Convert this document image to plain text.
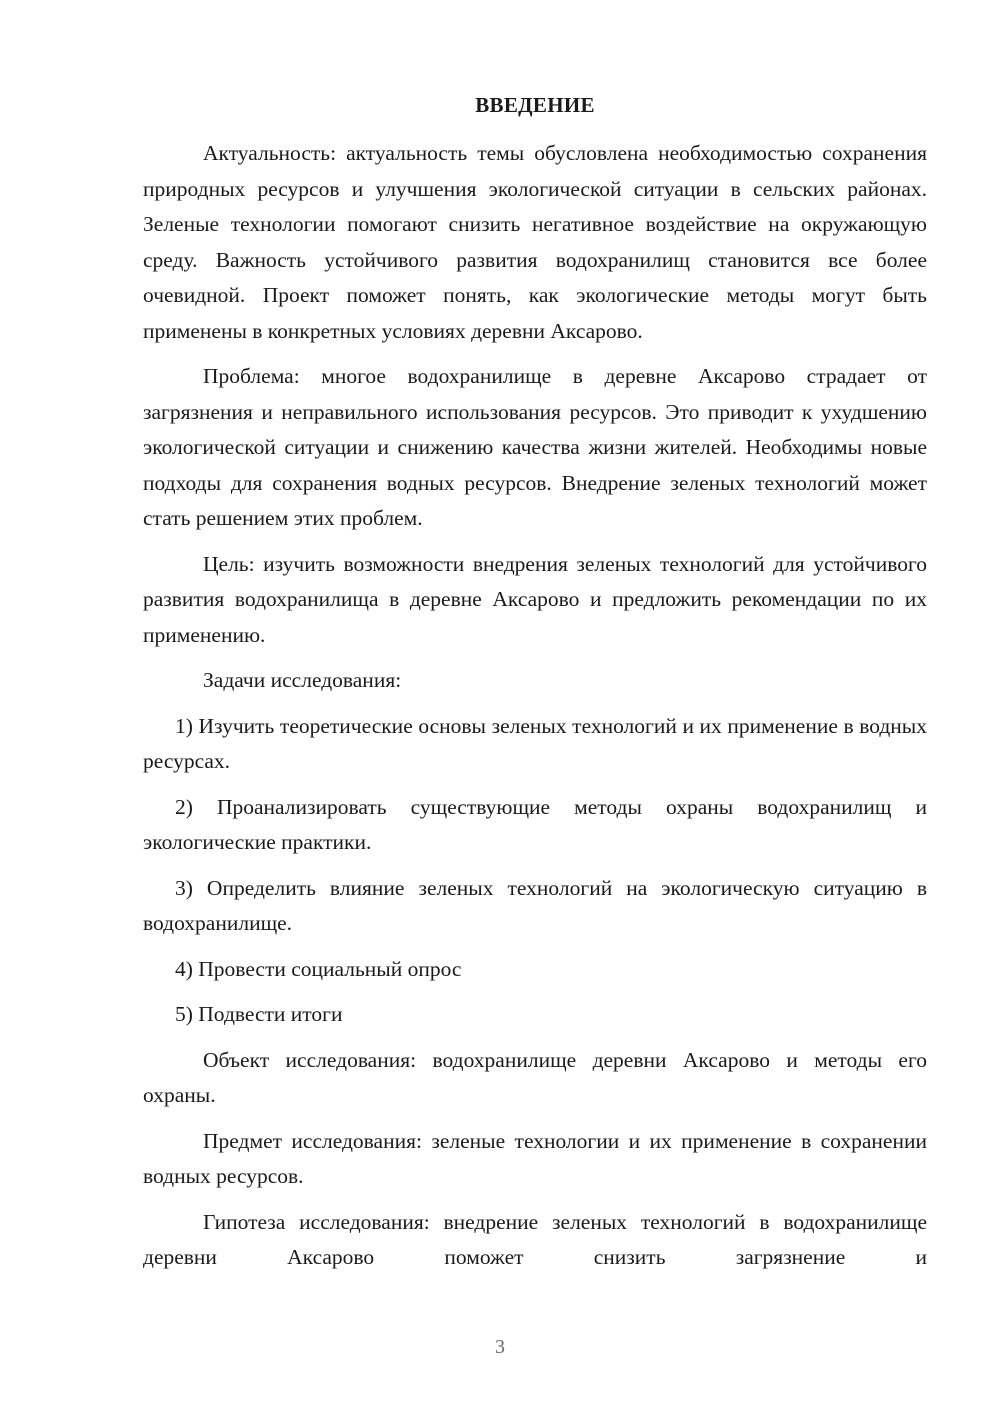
ВВЕДЕНИЕ

Актуальность: актуальность темы обусловлена необходимостью сохранения природных ресурсов и улучшения экологической ситуации в сельских районах. Зеленые технологии помогают снизить негативное воздействие на окружающую среду. Важность устойчивого развития водохранилищ становится все более очевидной. Проект поможет понять, как экологические методы могут быть применены в конкретных условиях деревни Аксарово.

Проблема: многое водохранилище в деревне Аксарово страдает от загрязнения и неправильного использования ресурсов. Это приводит к ухудшению экологической ситуации и снижению качества жизни жителей. Необходимы новые подходы для сохранения водных ресурсов. Внедрение зеленых технологий может стать решением этих проблем.

Цель: изучить возможности внедрения зеленых технологий для устойчивого развития водохранилища в деревне Аксарово и предложить рекомендации по их применению.

Задачи исследования:

1) Изучить теоретические основы зеленых технологий и их применение в водных ресурсах.

2) Проанализировать существующие методы охраны водохранилищ и экологические практики.

3) Определить влияние зеленых технологий на экологическую ситуацию в водохранилище.

4) Провести социальный опрос

5) Подвести итоги

Объект исследования: водохранилище деревни Аксарово и методы его охраны.

Предмет исследования: зеленые технологии и их применение в сохранении водных ресурсов.

Гипотеза исследования: внедрение зеленых технологий в водохранилище деревни Аксарово поможет снизить загрязнение и

3
